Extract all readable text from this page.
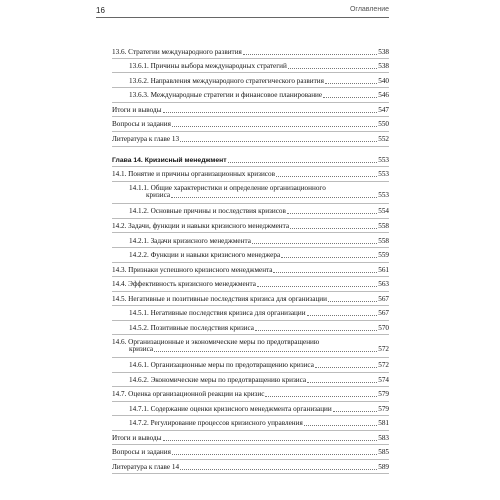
16	Оглавление
13.6. Стратегии международного развития	538
13.6.1. Причины выбора международных стратегий	538
13.6.2. Направления международного стратегического развития	540
13.6.3. Международные стратегии и финансовое планирование	546
Итоги и выводы	547
Вопросы и задания	550
Литература к главе 13	552
Глава 14. Кризисный менеджмент	553
14.1. Понятие и причины организационных кризисов	553
14.1.1. Общие характеристики и определение организационного
кризиса	553
14.1.2. Основные причины и последствия кризисов	554
14.2. Задачи, функции и навыки кризисного менеджмента	558
14.2.1. Задачи кризисного менеджмента	558
14.2.2. Функции и навыки кризисного менеджера	559
14.3. Признаки успешного кризисного менеджмента	561
14.4. Эффективность кризисного менеджмента	563
14.5. Негативные и позитивные последствия кризиса для организации	567
14.5.1. Негативные последствия кризиса для организации	567
14.5.2. Позитивные последствия кризиса	570
14.6. Организационные и экономические меры по предотвращению
кризиса	572
14.6.1. Организационные меры по предотвращению кризиса	572
14.6.2. Экономические меры по предотвращению кризиса	574
14.7. Оценка организационной реакции на кризис	579
14.7.1. Содержание оценки кризисного менеджмента организации	579
14.7.2. Регулирование процессов кризисного управления	581
Итоги и выводы	583
Вопросы и задания	585
Литература к главе 14	589
